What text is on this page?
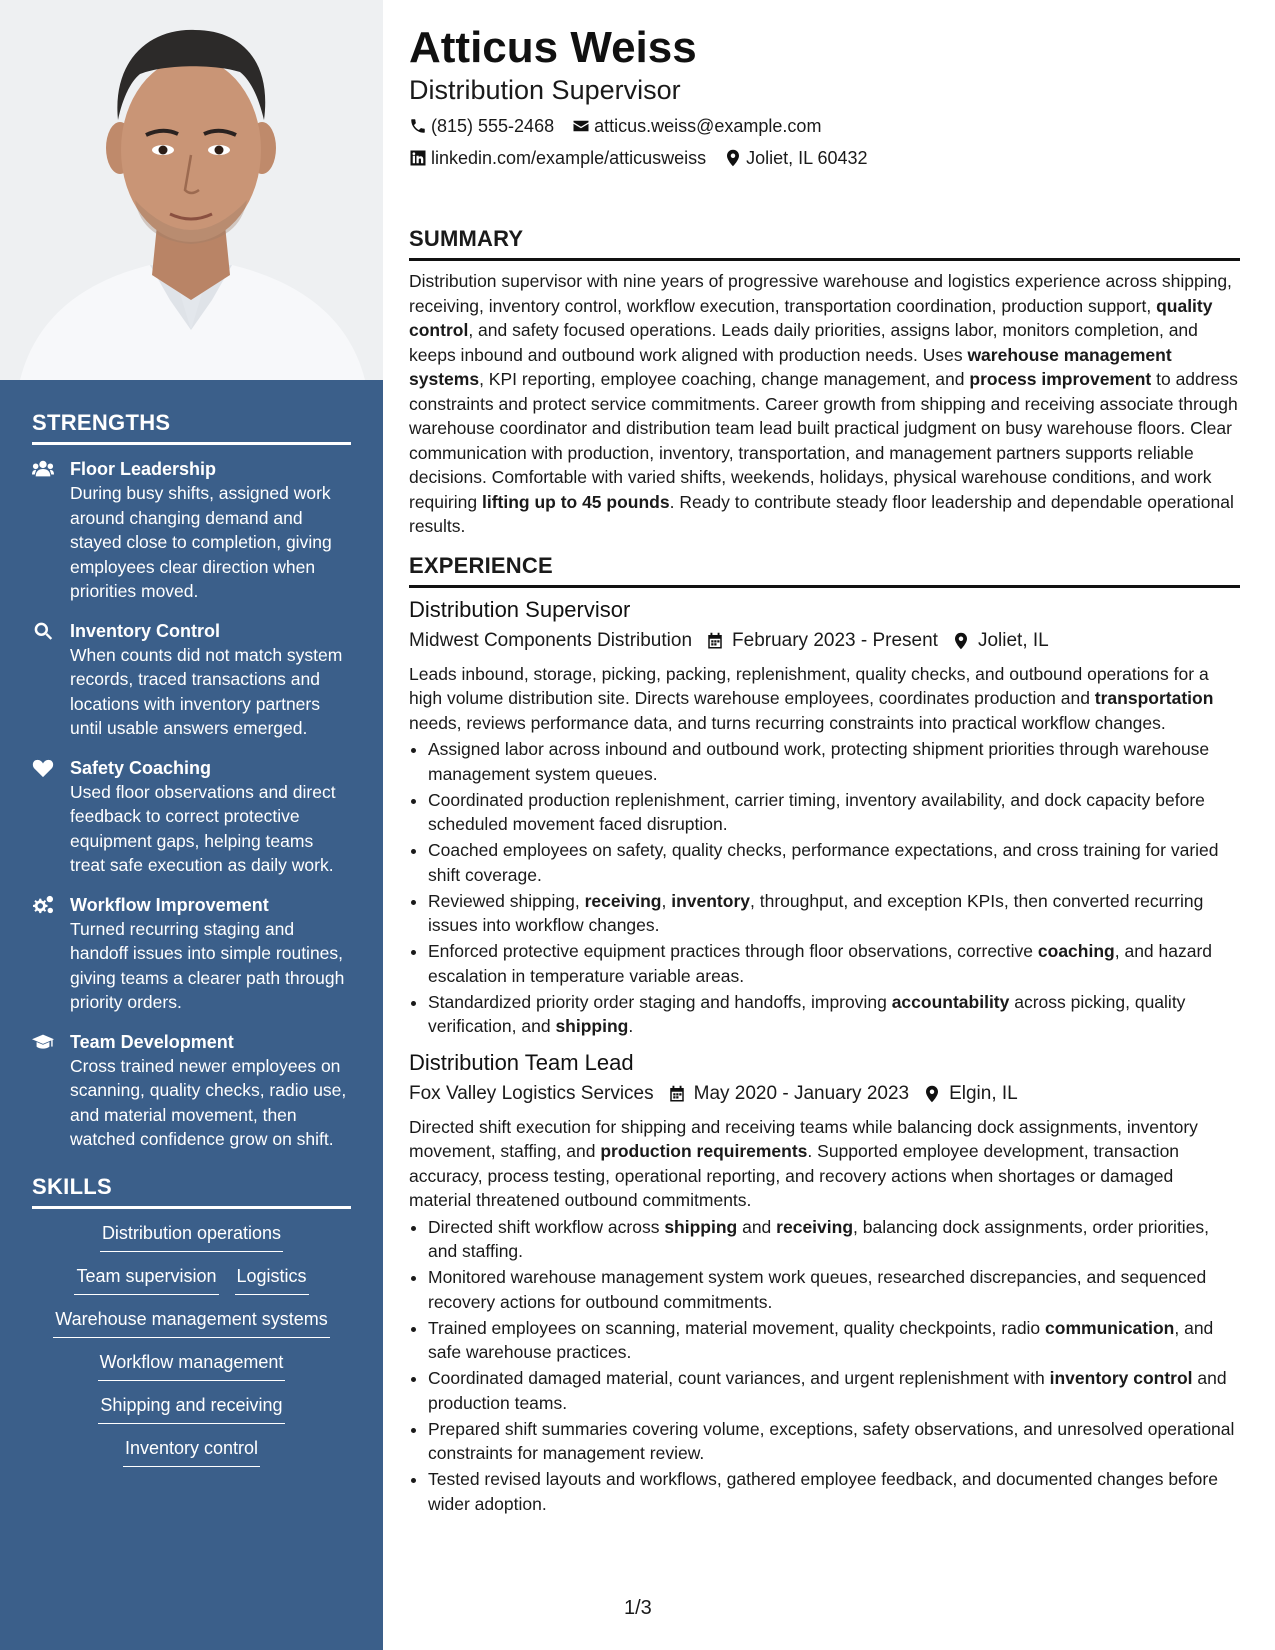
STRENGTHS
Floor Leadership
During busy shifts, assigned work around changing demand and stayed close to completion, giving employees clear direction when priorities moved.
Inventory Control
When counts did not match system records, traced transactions and locations with inventory partners until usable answers emerged.
Safety Coaching
Used floor observations and direct feedback to correct protective equipment gaps, helping teams treat safe execution as daily work.
Workflow Improvement
Turned recurring staging and handoff issues into simple routines, giving teams a clearer path through priority orders.
Team Development
Cross trained newer employees on scanning, quality checks, radio use, and material movement, then watched confidence grow on shift.
SKILLS
Distribution operations
Team supervision Logistics
Warehouse management systems
Workflow management
Shipping and receiving
Inventory control
Atticus Weiss
Distribution Supervisor
(815) 555-2468 atticus.weiss@example.com
linkedin.com/example/atticusweiss Joliet, IL 60432
SUMMARY
Distribution supervisor with nine years of progressive warehouse and logistics experience across shipping, receiving, inventory control, workflow execution, transportation coordination, production support, quality control, and safety focused operations. Leads daily priorities, assigns labor, monitors completion, and keeps inbound and outbound work aligned with production needs. Uses warehouse management systems, KPI reporting, employee coaching, change management, and process improvement to address constraints and protect service commitments. Career growth from shipping and receiving associate through warehouse coordinator and distribution team lead built practical judgment on busy warehouse floors. Clear communication with production, inventory, transportation, and management partners supports reliable decisions. Comfortable with varied shifts, weekends, holidays, physical warehouse conditions, and work requiring lifting up to 45 pounds. Ready to contribute steady floor leadership and dependable operational results.
EXPERIENCE
Distribution Supervisor
Midwest Components Distribution February 2023 - Present Joliet, IL
Leads inbound, storage, picking, packing, replenishment, quality checks, and outbound operations for a high volume distribution site. Directs warehouse employees, coordinates production and transportation needs, reviews performance data, and turns recurring constraints into practical workflow changes.
• Assigned labor across inbound and outbound work, protecting shipment priorities through warehouse management system queues.
• Coordinated production replenishment, carrier timing, inventory availability, and dock capacity before scheduled movement faced disruption.
• Coached employees on safety, quality checks, performance expectations, and cross training for varied shift coverage.
• Reviewed shipping, receiving, inventory, throughput, and exception KPIs, then converted recurring issues into workflow changes.
• Enforced protective equipment practices through floor observations, corrective coaching, and hazard escalation in temperature variable areas.
• Standardized priority order staging and handoffs, improving accountability across picking, quality verification, and shipping.
Distribution Team Lead
Fox Valley Logistics Services May 2020 - January 2023 Elgin, IL
Directed shift execution for shipping and receiving teams while balancing dock assignments, inventory movement, staffing, and production requirements. Supported employee development, transaction accuracy, process testing, operational reporting, and recovery actions when shortages or damaged material threatened outbound commitments.
• Directed shift workflow across shipping and receiving, balancing dock assignments, order priorities, and staffing.
• Monitored warehouse management system work queues, researched discrepancies, and sequenced recovery actions for outbound commitments.
• Trained employees on scanning, material movement, quality checkpoints, radio communication, and safe warehouse practices.
• Coordinated damaged material, count variances, and urgent replenishment with inventory control and production teams.
• Prepared shift summaries covering volume, exceptions, safety observations, and unresolved operational constraints for management review.
• Tested revised layouts and workflows, gathered employee feedback, and documented changes before wider adoption.
1/3
